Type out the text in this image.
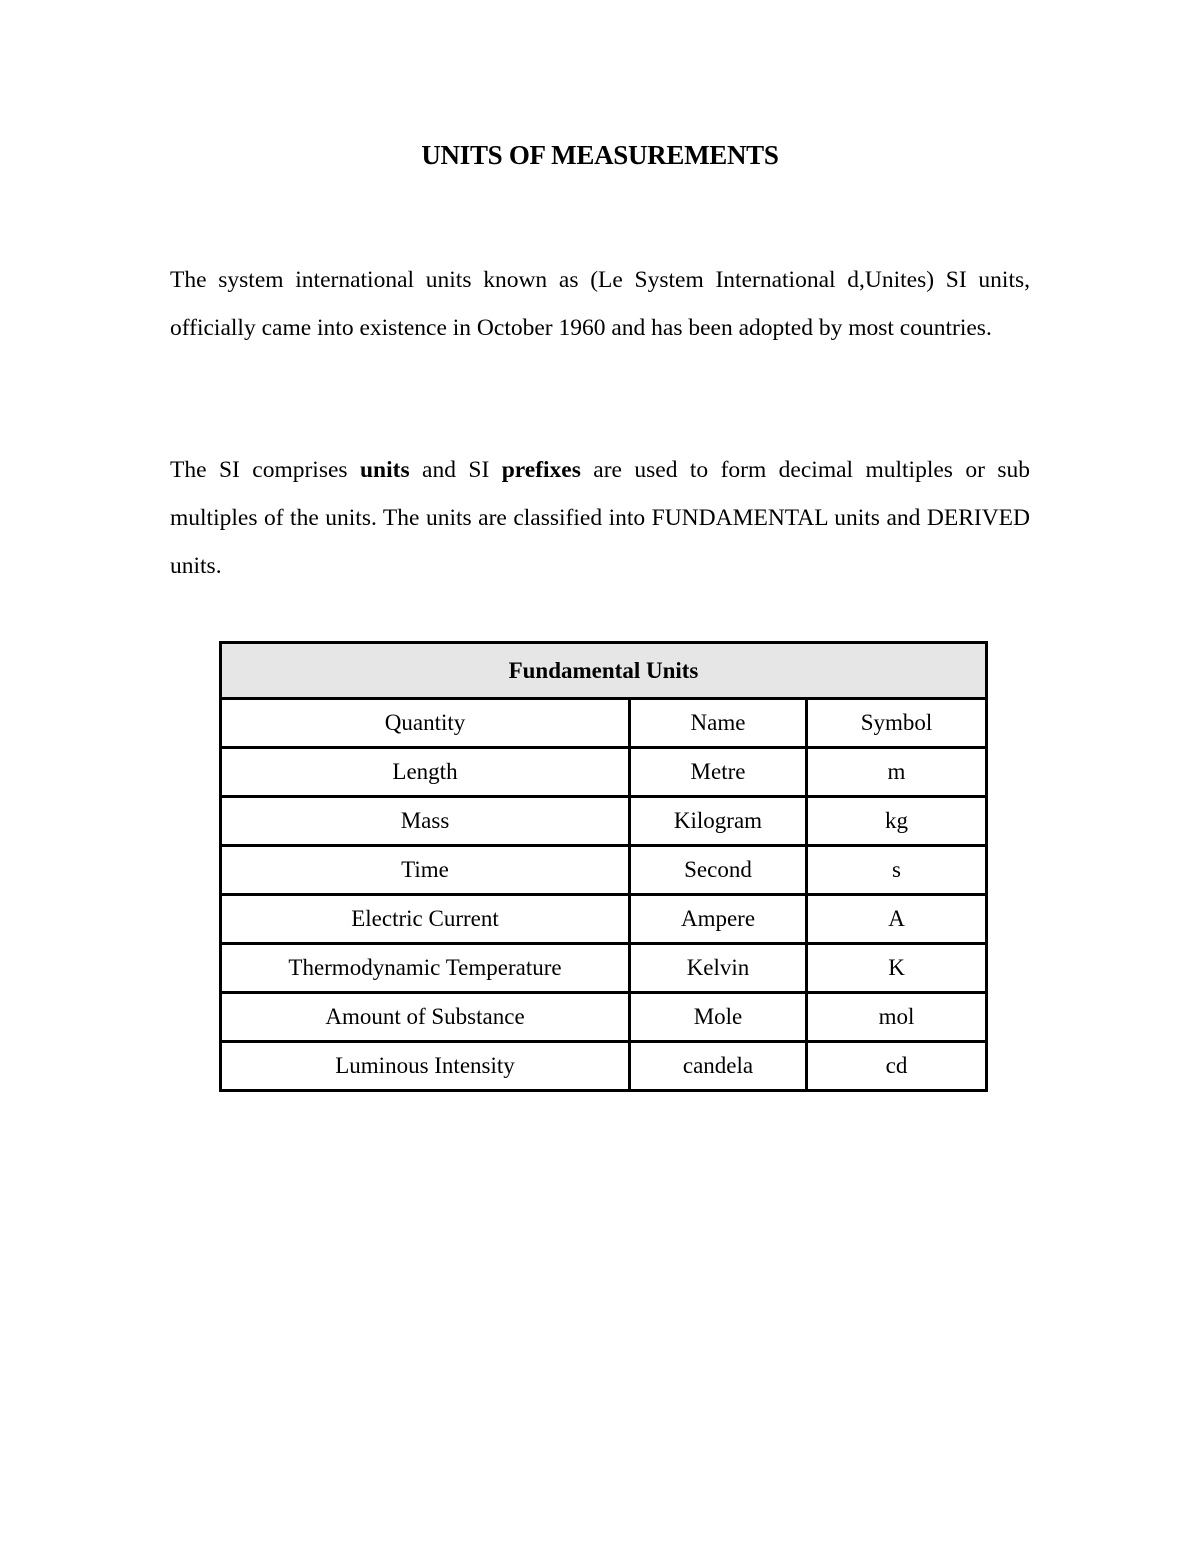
UNITS OF MEASUREMENTS

The system international units known as (Le System International d,Unites) SI units, officially came into existence in October 1960 and has been adopted by most countries.

The SI comprises units and SI prefixes are used to form decimal multiples or sub multiples of the units. The units are classified into FUNDAMENTAL units and DERIVED units.

Fundamental Units		
Quantity	Name	Symbol
Length	Metre	m
Mass	Kilogram	kg
Time	Second	s
Electric Current	Ampere	A
Thermodynamic Temperature	Kelvin	K
Amount of Substance	Mole	mol
Luminous Intensity	candela	cd
